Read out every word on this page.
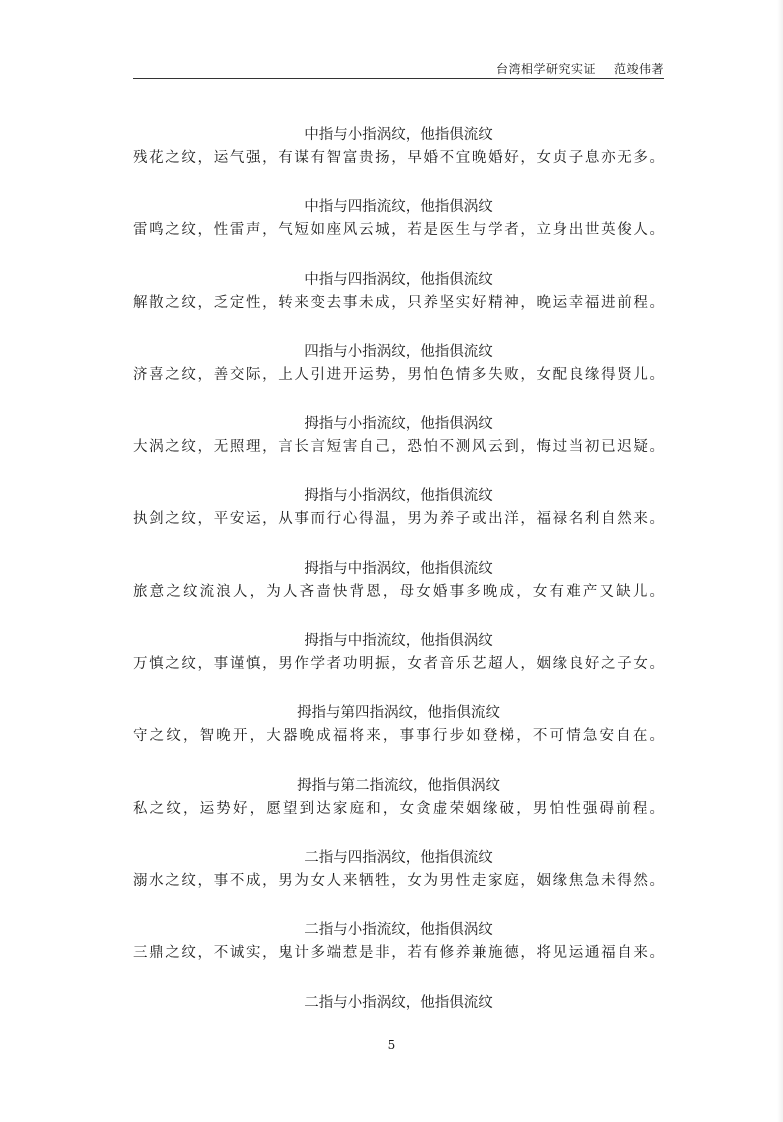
台湾相学研究实证 范竣伟著
中指与小指涡纹，他指俱流纹
残花之纹，运气强，有谋有智富贵扬，早婚不宜晚婚好，女贞子息亦无多。
中指与四指流纹，他指俱涡纹
雷鸣之纹，性雷声，气短如座风云城，若是医生与学者，立身出世英俊人。
中指与四指涡纹，他指俱流纹
解散之纹，乏定性，转来变去事未成，只养坚实好精神，晚运幸福进前程。
四指与小指涡纹，他指俱流纹
济喜之纹，善交际，上人引进开运势，男怕色情多失败，女配良缘得贤儿。
拇指与小指流纹，他指俱涡纹
大涡之纹，无照理，言长言短害自己，恐怕不测风云到，悔过当初已迟疑。
拇指与小指涡纹，他指俱流纹
执剑之纹，平安运，从事而行心得温，男为养子或出洋，福禄名利自然来。
拇指与中指涡纹，他指俱流纹
旅意之纹流浪人，为人吝啬快背恩，母女婚事多晚成，女有难产又缺儿。
拇指与中指流纹，他指俱涡纹
万慎之纹，事谨慎，男作学者功明振，女者音乐艺超人，姻缘良好之子女。
拇指与第四指涡纹，他指俱流纹
守之纹，智晚开，大器晚成福将来，事事行步如登梯，不可情急安自在。
拇指与第二指流纹，他指俱涡纹
私之纹，运势好，愿望到达家庭和，女贪虚荣姻缘破，男怕性强碍前程。
二指与四指涡纹，他指俱流纹
溺水之纹，事不成，男为女人来牺牲，女为男性走家庭，姻缘焦急未得然。
二指与小指流纹，他指俱涡纹
三鼎之纹，不诚实，鬼计多端惹是非，若有修养兼施德，将见运通福自来。
二指与小指涡纹，他指俱流纹
5
